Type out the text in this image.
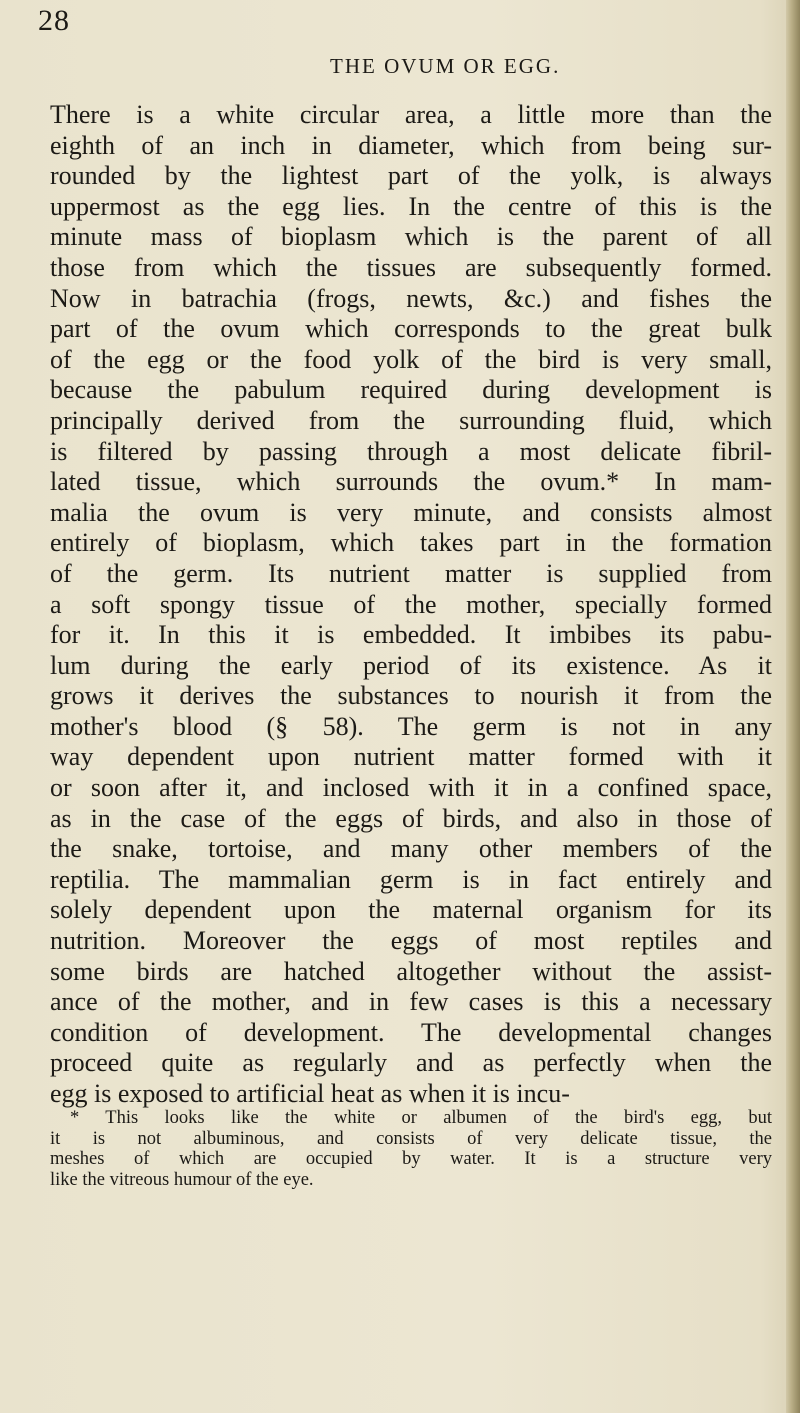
28
THE OVUM OR EGG.
There is a white circular area, a little more than the
eighth of an inch in diameter, which from being sur-
rounded by the lightest part of the yolk, is always
uppermost as the egg lies. In the centre of this is the
minute mass of bioplasm which is the parent of all
those from which the tissues are subsequently formed.
Now in batrachia (frogs, newts, &c.) and fishes the
part of the ovum which corresponds to the great bulk
of the egg or the food yolk of the bird is very small,
because the pabulum required during development is
principally derived from the surrounding fluid, which
is filtered by passing through a most delicate fibril-
lated tissue, which surrounds the ovum.* In mam-
malia the ovum is very minute, and consists almost
entirely of bioplasm, which takes part in the formation
of the germ. Its nutrient matter is supplied from
a soft spongy tissue of the mother, specially formed
for it. In this it is embedded. It imbibes its pabu-
lum during the early period of its existence. As it
grows it derives the substances to nourish it from the
mother's blood (§ 58). The germ is not in any
way dependent upon nutrient matter formed with it
or soon after it, and inclosed with it in a confined space,
as in the case of the eggs of birds, and also in those of
the snake, tortoise, and many other members of the
reptilia. The mammalian germ is in fact entirely and
solely dependent upon the maternal organism for its
nutrition. Moreover the eggs of most reptiles and
some birds are hatched altogether without the assist-
ance of the mother, and in few cases is this a necessary
condition of development. The developmental changes
proceed quite as regularly and as perfectly when the
egg is exposed to artificial heat as when it is incu-
* This looks like the white or albumen of the bird's egg, but
it is not albuminous, and consists of very delicate tissue, the
meshes of which are occupied by water. It is a structure very
like the vitreous humour of the eye.
